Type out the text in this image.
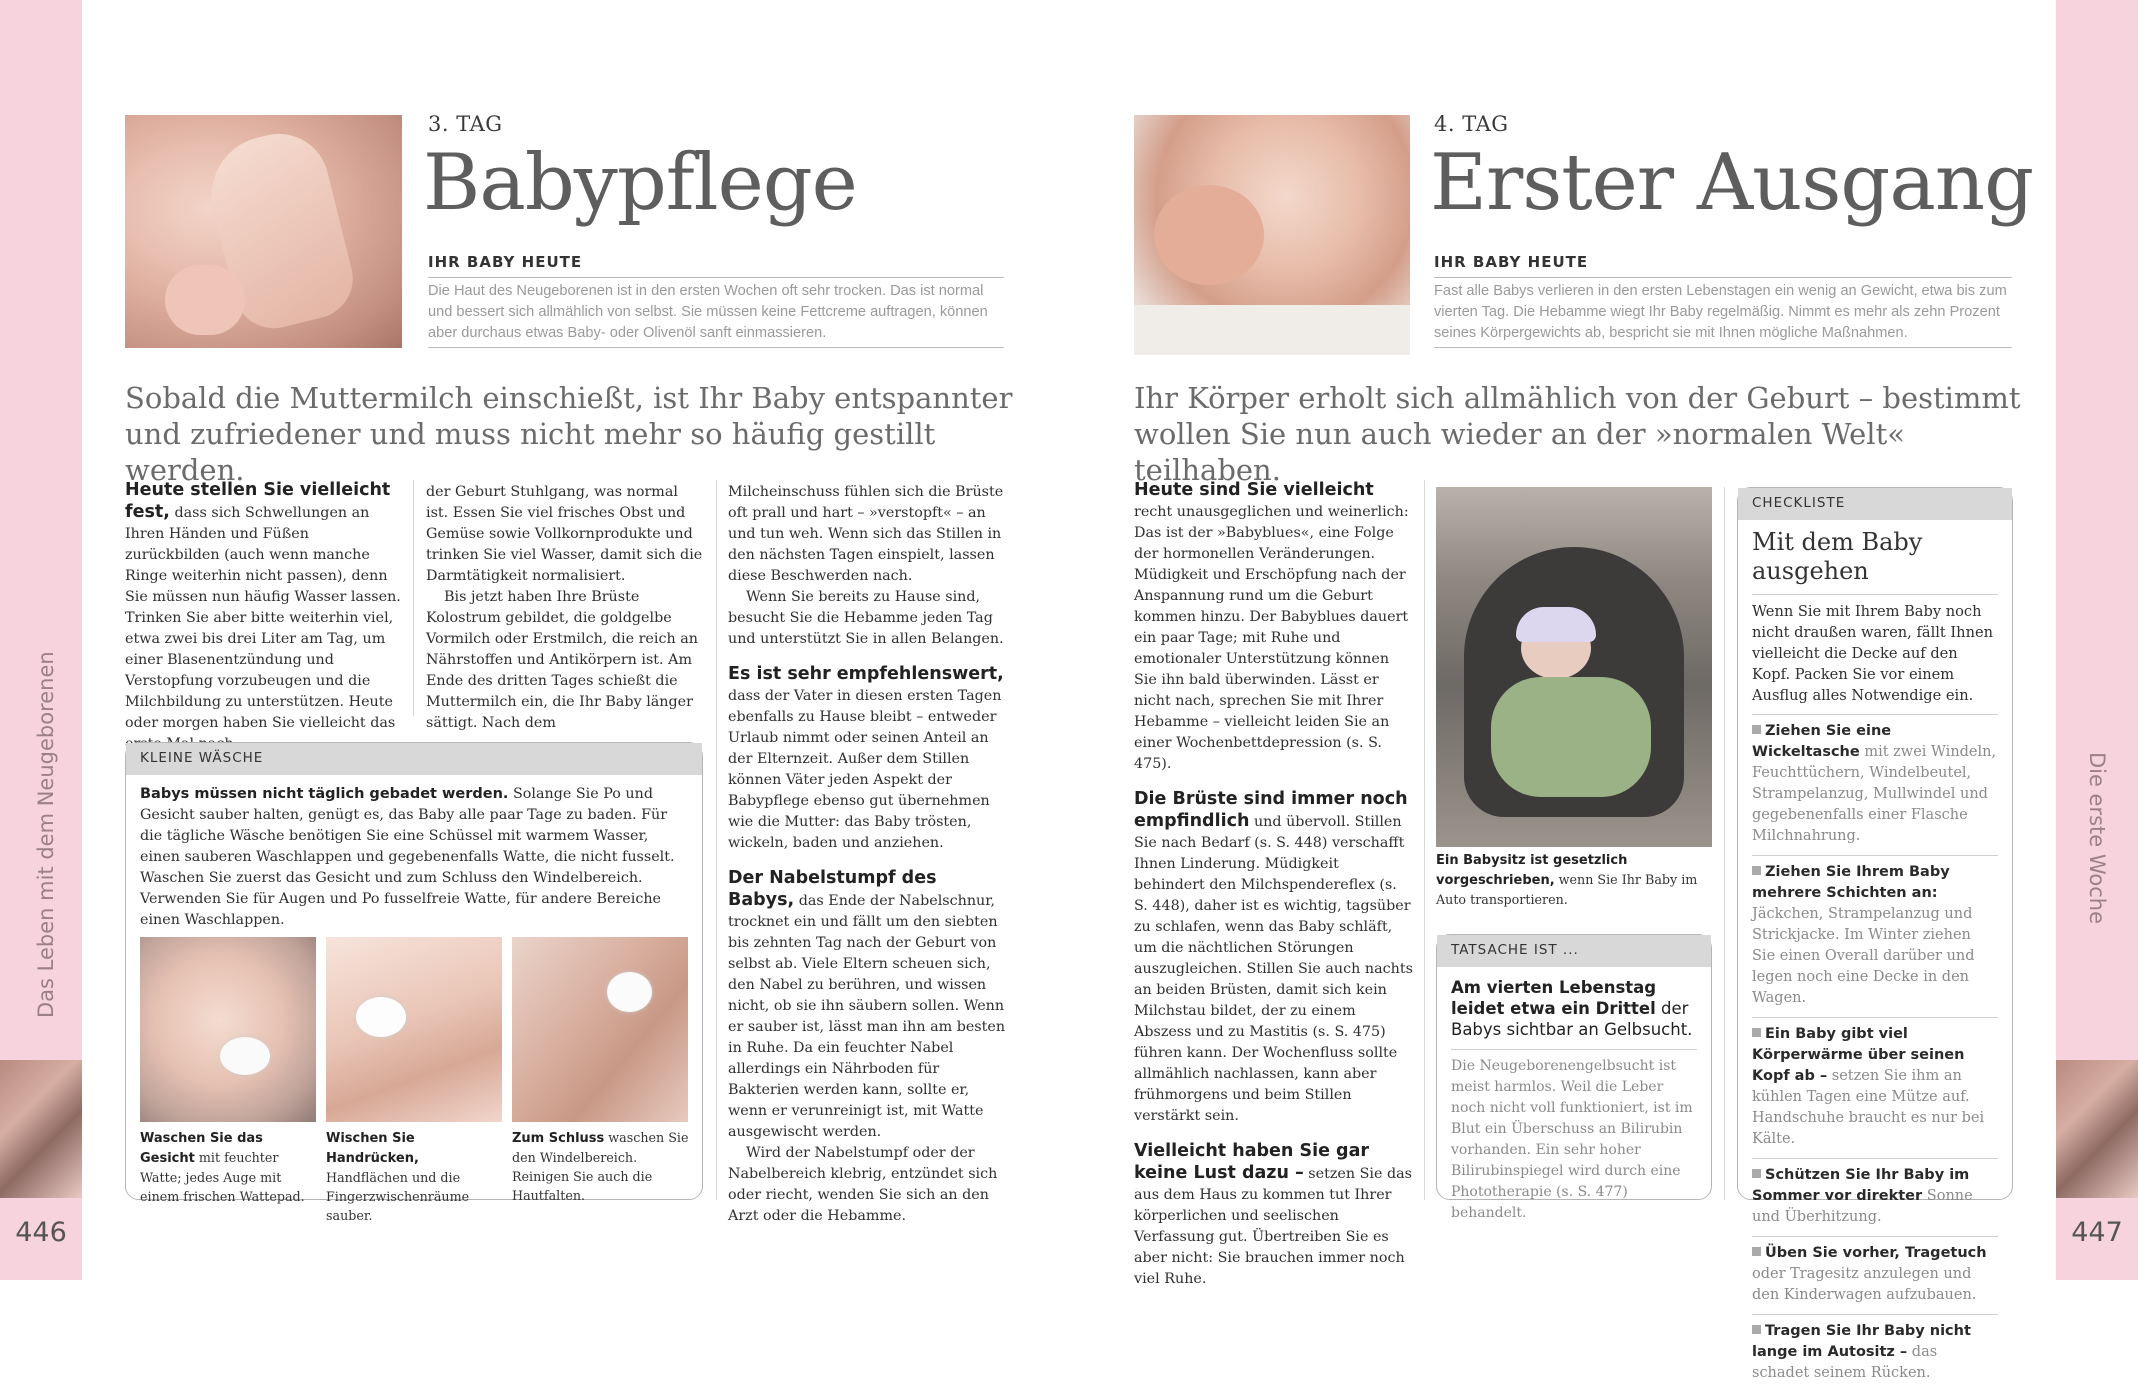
Das Leben mit dem Neugeborenen	Die erste Woche
446	447
3. TAG
Babypflege
IHR BABY HEUTE
Die Haut des Neugeborenen ist in den ersten Wochen oft sehr trocken. Das ist normal und bessert sich allmählich von selbst. Sie müssen keine Fettcreme auftragen, können aber durchaus etwas Baby- oder Olivenöl sanft einmassieren.
Sobald die Muttermilch einschießt, ist Ihr Baby entspannter und zufriedener und muss nicht mehr so häufig gestillt werden.
Heute stellen Sie vielleicht fest, dass sich Schwellungen an Ihren Händen und Füßen zurückbilden (auch wenn manche Ringe weiterhin nicht passen), denn Sie müssen nun häufig Wasser lassen. Trinken Sie aber bitte weiterhin viel, etwa zwei bis drei Liter am Tag, um einer Blasenentzündung und Verstopfung vorzubeugen und die Milchbildung zu unterstützen. Heute oder morgen haben Sie vielleicht das
der Geburt Stuhlgang, was normal ist. Essen Sie viel frisches Obst und Gemüse sowie Vollkornprodukte und trinken Sie viel Wasser, damit sich die Darmtätigkeit normalisiert.
Bis jetzt haben Ihre Brüste Kolostrum gebildet, die goldgelbe Vormilch oder Erstmilch, die reich an Nährstoffen und Antikörpern ist. Am Ende des dritten Tages schießt die Muttermilch ein, die Ihr Baby länger sättigt. Nach dem
Milcheinschuss fühlen sich die Brüste oft prall und hart – »verstopft« – an und tun weh. Wenn sich das Stillen in den nächsten Tagen einspielt, lassen diese Beschwerden nach.
Wenn Sie bereits zu Hause sind, besucht Sie die Hebamme jeden Tag und unterstützt Sie in allen Belangen.
Es ist sehr empfehlenswert, dass der Vater in diesen ersten Tagen ebenfalls zu Hause bleibt – entweder Urlaub nimmt oder seinen Anteil an der Elternzeit. Außer dem Stillen können Väter jeden Aspekt der Babypflege ebenso gut übernehmen wie die Mutter: das Baby trösten, wickeln, baden und anziehen.
Der Nabelstumpf des Babys, das Ende der Nabelschnur, trocknet ein und fällt um den siebten bis zehnten Tag nach der Geburt von selbst ab. Viele Eltern scheuen sich, den Nabel zu berühren, und wissen nicht, ob sie ihn säubern sollen. Wenn er sauber ist, lässt man ihn am besten in Ruhe. Da ein feuchter Nabel allerdings ein Nährboden für Bakterien werden kann, sollte er, wenn er verunreinigt ist, mit Watte ausgewischt werden.
Wird der Nabelstumpf oder der Nabelbereich klebrig, entzündet sich oder riecht, wenden Sie sich an den Arzt oder die Hebamme.
KLEINE WÄSCHE
Babys müssen nicht täglich gebadet werden. Solange Sie Po und Gesicht sauber halten, genügt es, das Baby alle paar Tage zu baden. Für die tägliche Wäsche benötigen Sie eine Schüssel mit warmem Wasser, einen sauberen Waschlappen und gegebenenfalls Watte, die nicht fusselt. Waschen Sie zuerst das Gesicht und zum Schluss den Windelbereich. Verwenden Sie für Augen und Po fusselfreie Watte, für andere Bereiche einen Waschlappen.
Waschen Sie das Gesicht mit feuchter Watte; jedes Auge mit einem frischen Wattepad.
Wischen Sie Handrücken, Handflächen und die Fingerzwischenräume sauber.
Zum Schluss waschen Sie den Windelbereich. Reinigen Sie auch die Hautfalten.
4. TAG
Erster Ausgang
IHR BABY HEUTE
Fast alle Babys verlieren in den ersten Lebenstagen ein wenig an Gewicht, etwa bis zum vierten Tag. Die Hebamme wiegt Ihr Baby regelmäßig. Nimmt es mehr als zehn Prozent seines Körpergewichts ab, bespricht sie mit Ihnen mögliche Maßnahmen.
Ihr Körper erholt sich allmählich von der Geburt – bestimmt wollen Sie nun auch wieder an der »normalen Welt« teilhaben.
Heute sind Sie vielleicht recht unausgeglichen und weinerlich: Das ist der »Babyblues«, eine Folge der hormonellen Veränderungen. Müdigkeit und Erschöpfung nach der Anspannung rund um die Geburt kommen hinzu. Der Babyblues dauert ein paar Tage; mit Ruhe und emotionaler Unterstützung können Sie ihn bald überwinden. Lässt er nicht nach, sprechen Sie mit Ihrer Hebamme – vielleicht leiden Sie an einer Wochenbettdepression (s. S. 475).
Die Brüste sind immer noch empfindlich und übervoll. Stillen Sie nach Bedarf (s. S. 448) verschafft Ihnen Linderung. Müdigkeit behindert den Milchspendereflex (s. S. 448), daher ist es wichtig, tagsüber zu schlafen, wenn das Baby schläft, um die nächtlichen Störungen auszugleichen. Stillen Sie auch nachts an beiden Brüsten, damit sich kein Milchstau bildet, der zu einem Abszess und zu Mastitis (s. S. 475) führen kann. Der Wochenfluss sollte allmählich nachlassen, kann aber frühmorgens und beim Stillen verstärkt sein.
Vielleicht haben Sie gar keine Lust dazu – setzen Sie das aus dem Haus zu kommen tut Ihrer körperlichen und seelischen Verfassung gut. Übertreiben Sie es aber nicht: Sie brauchen immer noch viel Ruhe.
Ein Babysitz ist gesetzlich vorgeschrieben, wenn Sie Ihr Baby im Auto transportieren.
TATSACHE IST ...
Am vierten Lebenstag leidet etwa ein Drittel der Babys sichtbar an Gelbsucht.
Die Neugeborenengelbsucht ist meist harmlos. Weil die Leber noch nicht voll funktioniert, ist im Blut ein Überschuss an Bilirubin vorhanden. Ein sehr hoher Bilirubinspiegel wird durch eine Phototherapie (s. S. 477) behandelt.
CHECKLISTE
Mit dem Baby ausgehen
Wenn Sie mit Ihrem Baby noch nicht draußen waren, fällt Ihnen vielleicht die Decke auf den Kopf. Packen Sie vor einem Ausflug alles Notwendige ein.
Ziehen Sie eine Wickeltasche mit zwei Windeln, Feuchttüchern, Windelbeutel, Strampelanzug, Mullwindel und gegebenenfalls einer Flasche Milchnahrung.
Ziehen Sie Ihrem Baby mehrere Schichten an: Jäckchen, Strampelanzug und Strickjacke. Im Winter ziehen Sie einen Overall darüber und legen noch eine Decke in den Wagen.
Ein Baby gibt viel Körperwärme über seinen Kopf ab – setzen Sie ihm an kühlen Tagen eine Mütze auf. Handschuhe braucht es nur bei Kälte.
Schützen Sie Ihr Baby im Sommer vor direkter Sonne und Überhitzung.
Üben Sie vorher, Tragetuch oder Tragesitz anzulegen und den Kinderwagen aufzubauen.
Tragen Sie Ihr Baby nicht lange im Autositz – das schadet seinem Rücken.
